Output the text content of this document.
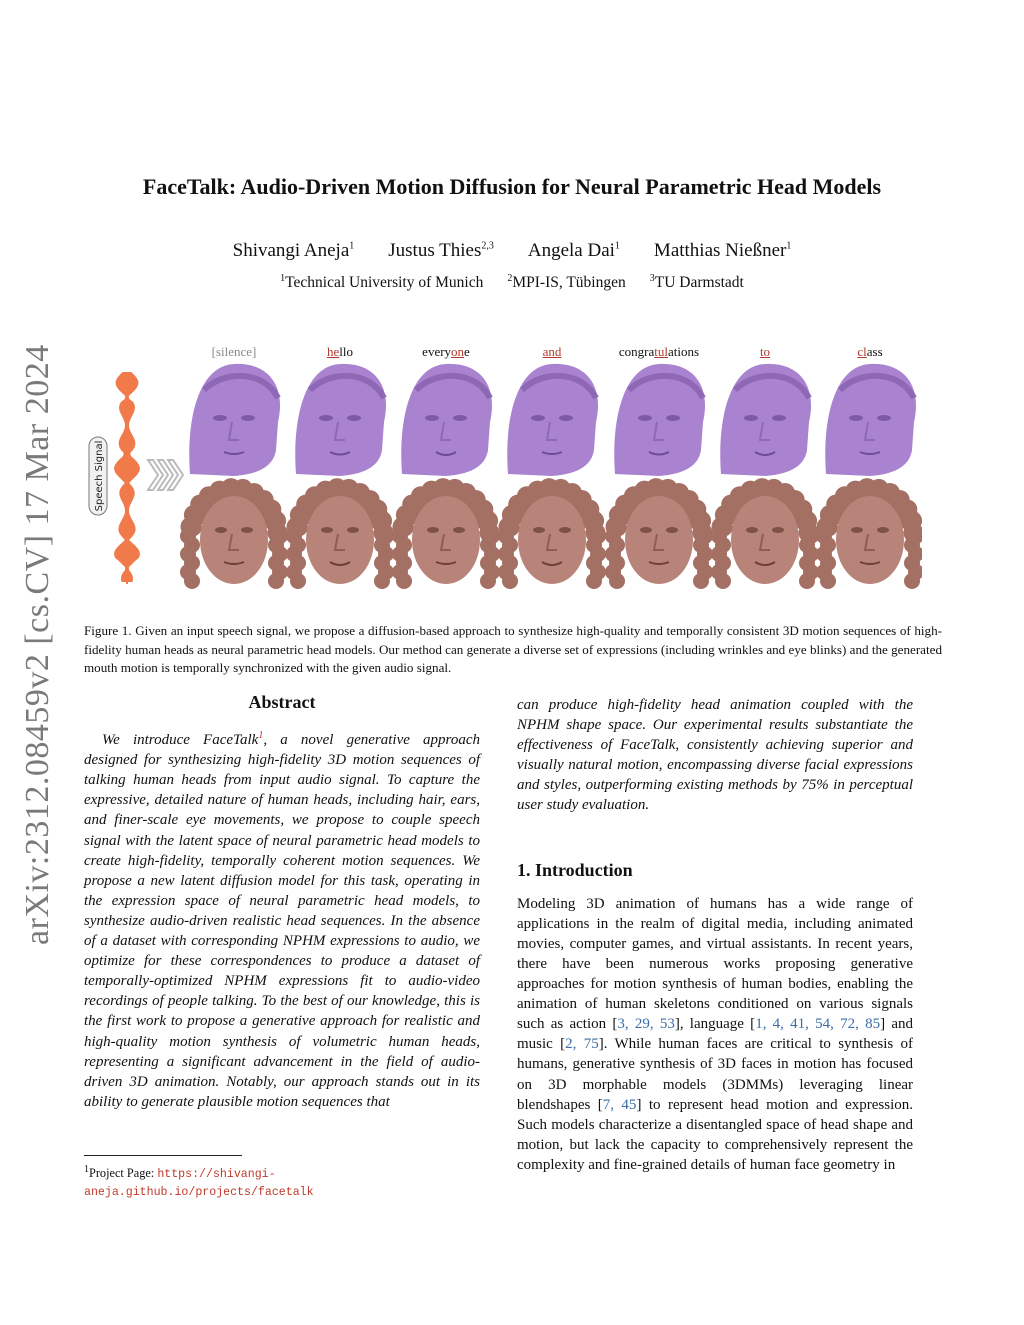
arXiv:2312.08459v2 [cs.CV] 17 Mar 2024
FaceTalk: Audio-Driven Motion Diffusion for Neural Parametric Head Models
Shivangi Aneja$^1$ Justus Thies$^{2,3}$ Angela Dai$^1$ Matthias Nießner$^1$
$^1$Technical University of Munich $^2$MPI-IS, Tübingen $^3$TU Darmstadt
[silence]	hello	everyone	and	congratulations	to	class
Speech Signal
Figure 1. Given an input speech signal, we propose a diffusion-based approach to synthesize high-quality and temporally consistent 3D motion sequences of high-fidelity human heads as neural parametric head models. Our method can generate a diverse set of expressions (including wrinkles and eye blinks) and the generated mouth motion is temporally synchronized with the given audio signal.
Abstract
We introduce FaceTalk$^1$, a novel generative approach designed for synthesizing high-fidelity 3D motion sequences of talking human heads from input audio signal. To capture the expressive, detailed nature of human heads, including hair, ears, and finer-scale eye movements, we propose to couple speech signal with the latent space of neural parametric head models to create high-fidelity, temporally coherent motion sequences. We propose a new latent diffusion model for this task, operating in the expression space of neural parametric head models, to synthesize audio-driven realistic head sequences. In the absence of a dataset with corresponding NPHM expressions to audio, we optimize for these correspondences to produce a dataset of temporally-optimized NPHM expressions fit to audio-video recordings of people talking. To the best of our knowledge, this is the first work to propose a generative approach for realistic and high-quality motion synthesis of volumetric human heads, representing a significant advancement in the field of audio-driven 3D animation. Notably, our approach stands out in its ability to generate plausible motion sequences that
$^1$Project Page: https://shivangi-aneja.github.io/projects/facetalk
can produce high-fidelity head animation coupled with the NPHM shape space. Our experimental results substantiate the effectiveness of FaceTalk, consistently achieving superior and visually natural motion, encompassing diverse facial expressions and styles, outperforming existing methods by 75% in perceptual user study evaluation.
1. Introduction
Modeling 3D animation of humans has a wide range of applications in the realm of digital media, including animated movies, computer games, and virtual assistants. In recent years, there have been numerous works proposing generative approaches for motion synthesis of human bodies, enabling the animation of human skeletons conditioned on various signals such as action [3, 29, 53], language [1, 4, 41, 54, 72, 85] and music [2, 75]. While human faces are critical to synthesis of humans, generative synthesis of 3D faces in motion has focused on 3D morphable models (3DMMs) leveraging linear blendshapes [7, 45] to represent head motion and expression. Such models characterize a disentangled space of head shape and motion, but lack the capacity to comprehensively represent the complexity and fine-grained details of human face geometry in
